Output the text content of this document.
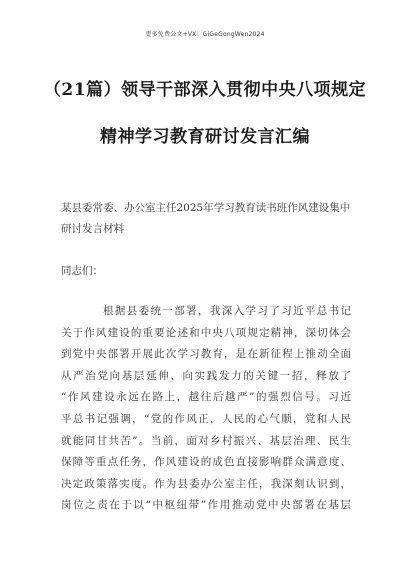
更多免费公文+VX：GiGeGongWen2024
（21篇）领导干部深入贯彻中央八项规定
精神学习教育研讨发言汇编
某县委常委、办公室主任2025年学习教育读书班作风建设集中研讨发言材料
同志们：
根据县委统一部署，我深入学习了习近平总书记
关于作风建设的重要论述和中央八项规定精神，深切体会
到党中央部署开展此次学习教育，是在新征程上推动全面
从严治党向基层延伸、向实践发力的关键一招，释放了
“作风建设永远在路上，越往后越严”的强烈信号。习近
平总书记强调，“党的作风正，人民的心气顺，党和人民
就能同甘共苦”。当前，面对乡村振兴、基层治理、民生
保障等重点任务，作风建设的成色直接影响群众满意度、
决定政策落实度。作为县委办公室主任，我深刻认识到，
岗位之责在于以“中枢纽带”作用推动党中央部署在基层
